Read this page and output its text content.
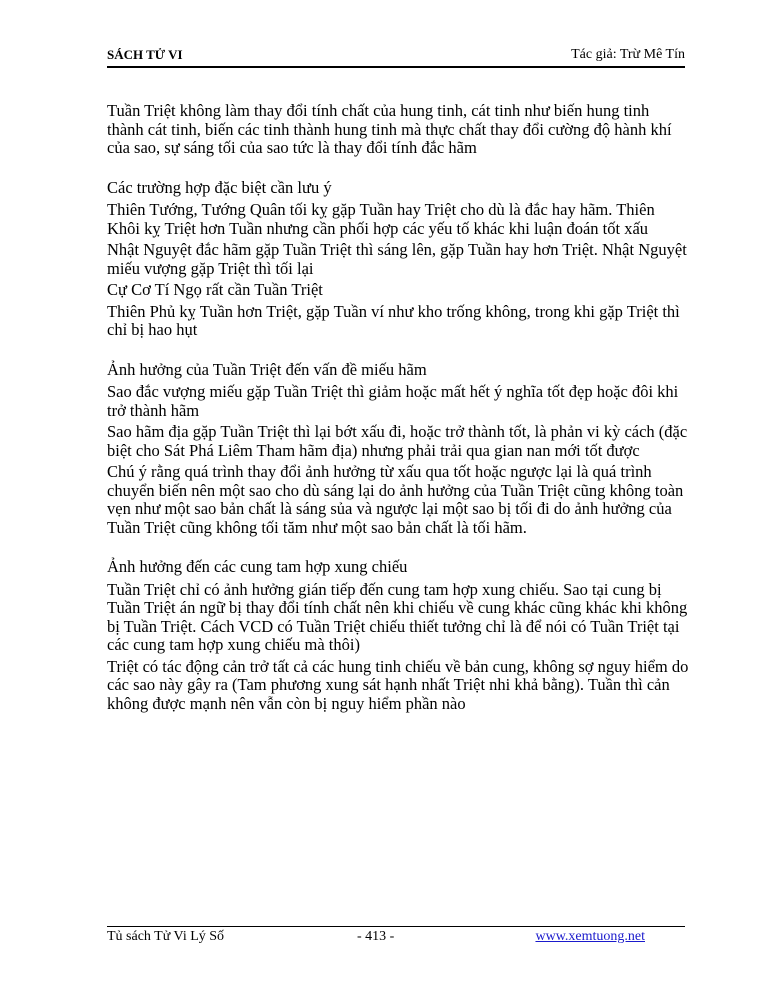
SÁCH TỬ VI	Tác giả: Trừ Mê Tín

Tuần Triệt không làm thay đổi tính chất của hung tinh, cát tinh như biến hung tinh thành cát tinh, biến các tinh thành hung tinh mà thực chất thay đổi cường độ hành khí của sao, sự sáng tối của sao tức là thay đổi tính đắc hãm

Các trường hợp đặc biệt cần lưu ý

Thiên Tướng, Tướng Quân tối kỵ gặp Tuần hay Triệt cho dù là đắc hay hãm. Thiên Khôi kỵ Triệt hơn Tuần nhưng cần phối hợp các yếu tố khác khi luận đoán tốt xấu

Nhật Nguyệt đắc hãm gặp Tuần Triệt thì sáng lên, gặp Tuần hay hơn Triệt. Nhật Nguyệt miếu vượng gặp Triệt thì tối lại

Cự Cơ Tí Ngọ rất cần Tuần Triệt

Thiên Phủ kỵ Tuần hơn Triệt, gặp Tuần ví như kho trống không, trong khi gặp Triệt thì chỉ bị hao hụt

Ảnh hưởng của Tuần Triệt đến vấn đề miếu hãm

Sao đắc vượng miếu gặp Tuần Triệt thì giảm hoặc mất hết ý nghĩa tốt đẹp hoặc đôi khi trở thành hãm

Sao hãm địa gặp Tuần Triệt thì lại bớt xấu đi, hoặc trở thành tốt, là phản vi kỳ cách (đặc biệt cho Sát Phá Liêm Tham hãm địa) nhưng phải trải qua gian nan mới tốt được

Chú ý rằng quá trình thay đổi ảnh hưởng từ xấu qua tốt hoặc ngược lại là quá trình chuyển biến nên một sao cho dù sáng lại do ảnh hưởng của Tuần Triệt cũng không toàn vẹn như một sao bản chất là sáng sủa và ngược lại một sao bị tối đi do ảnh hưởng của Tuần Triệt cũng không tối tăm như một sao bản chất là tối hãm.

Ảnh hưởng đến các cung tam hợp xung chiếu

Tuần Triệt chỉ có ảnh hưởng gián tiếp đến cung tam hợp xung chiếu. Sao tại cung bị Tuần Triệt án ngữ bị thay đổi tính chất nên khi chiếu về cung khác cũng khác khi không bị Tuần Triệt. Cách VCD có Tuần Triệt chiếu thiết tưởng chỉ là để nói có Tuần Triệt tại các cung tam hợp xung chiếu mà thôi)

Triệt có tác động cản trở tất cả các hung tinh chiếu về bản cung, không sợ nguy hiểm do các sao này gây ra (Tam phương xung sát hạnh nhất Triệt nhi khả bằng). Tuần thì cản không được mạnh nên vẫn còn bị nguy hiểm phần nào

Tủ sách Tử Vi Lý Số	- 413 -	www.xemtuong.net
